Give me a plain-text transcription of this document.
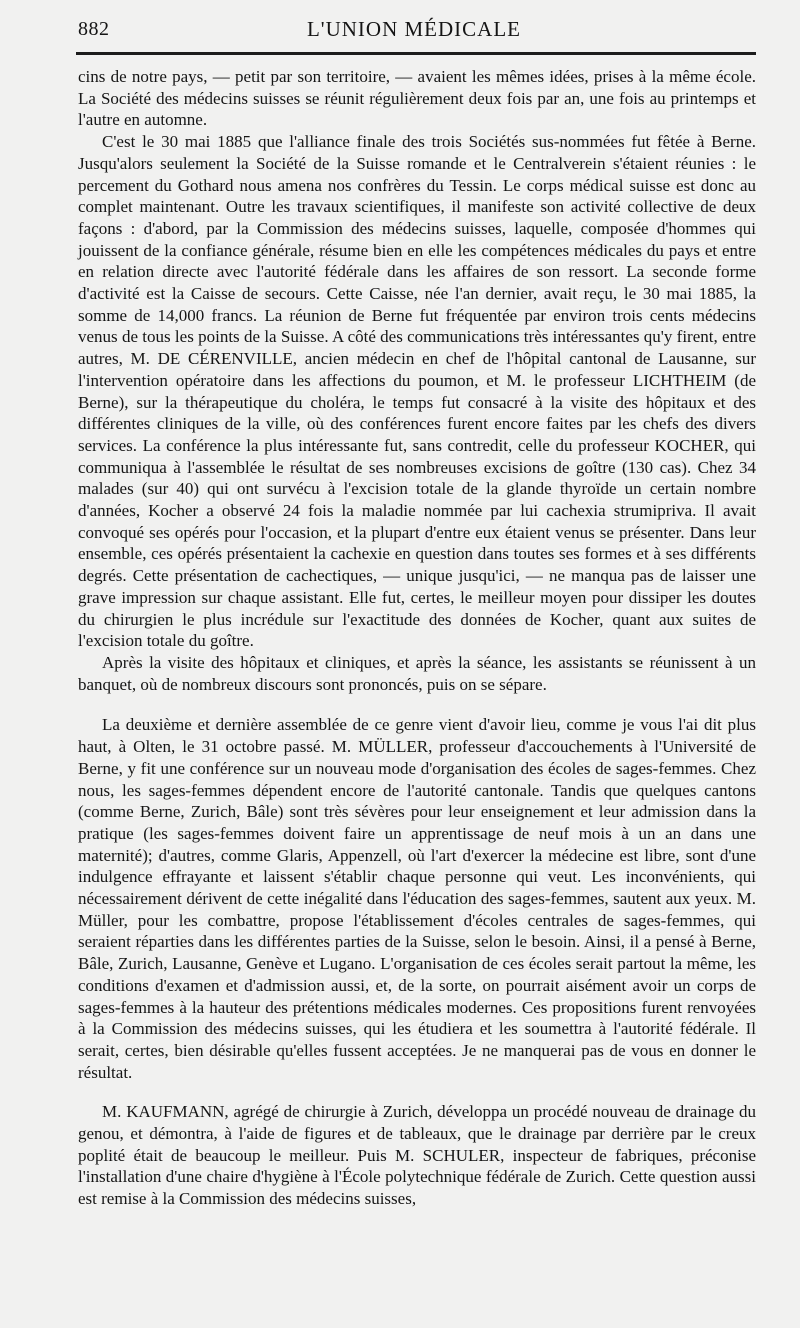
882	L'UNION MÉDICALE

cins de notre pays, — petit par son territoire, — avaient les mêmes idées, prises à la même école. La Société des médecins suisses se réunit régulièrement deux fois par an, une fois au printemps et l'autre en automne.

C'est le 30 mai 1885 que l'alliance finale des trois Sociétés sus-nommées fut fêtée à Berne. Jusqu'alors seulement la Société de la Suisse romande et le Centralverein s'étaient réunies : le percement du Gothard nous amena nos confrères du Tessin. Le corps médical suisse est donc au complet maintenant. Outre les travaux scientifiques, il manifeste son activité collective de deux façons : d'abord, par la Commission des médecins suisses, laquelle, composée d'hommes qui jouissent de la confiance générale, résume bien en elle les compétences médicales du pays et entre en relation directe avec l'autorité fédérale dans les affaires de son ressort. La seconde forme d'activité est la Caisse de secours. Cette Caisse, née l'an dernier, avait reçu, le 30 mai 1885, la somme de 14,000 francs. La réunion de Berne fut fréquentée par environ trois cents médecins venus de tous les points de la Suisse. A côté des communications très intéressantes qu'y firent, entre autres, M. DE CÉRENVILLE, ancien médecin en chef de l'hôpital cantonal de Lausanne, sur l'intervention opératoire dans les affections du poumon, et M. le professeur LICHTHEIM (de Berne), sur la thérapeutique du choléra, le temps fut consacré à la visite des hôpitaux et des différentes cliniques de la ville, où des conférences furent encore faites par les chefs des divers services. La conférence la plus intéressante fut, sans contredit, celle du professeur KOCHER, qui communiqua à l'assemblée le résultat de ses nombreuses excisions de goître (130 cas). Chez 34 malades (sur 40) qui ont survécu à l'excision totale de la glande thyroïde un certain nombre d'années, Kocher a observé 24 fois la maladie nommée par lui cachexia strumipriva. Il avait convoqué ses opérés pour l'occasion, et la plupart d'entre eux étaient venus se présenter. Dans leur ensemble, ces opérés présentaient la cachexie en question dans toutes ses formes et à ses différents degrés. Cette présentation de cachectiques, — unique jusqu'ici, — ne manqua pas de laisser une grave impression sur chaque assistant. Elle fut, certes, le meilleur moyen pour dissiper les doutes du chirurgien le plus incrédule sur l'exactitude des données de Kocher, quant aux suites de l'excision totale du goître.

Après la visite des hôpitaux et cliniques, et après la séance, les assistants se réunissent à un banquet, où de nombreux discours sont prononcés, puis on se sépare.

La deuxième et dernière assemblée de ce genre vient d'avoir lieu, comme je vous l'ai dit plus haut, à Olten, le 31 octobre passé. M. MÜLLER, professeur d'accouchements à l'Université de Berne, y fit une conférence sur un nouveau mode d'organisation des écoles de sages-femmes. Chez nous, les sages-femmes dépendent encore de l'autorité cantonale. Tandis que quelques cantons (comme Berne, Zurich, Bâle) sont très sévères pour leur enseignement et leur admission dans la pratique (les sages-femmes doivent faire un apprentissage de neuf mois à un an dans une maternité); d'autres, comme Glaris, Appenzell, où l'art d'exercer la médecine est libre, sont d'une indulgence effrayante et laissent s'établir chaque personne qui veut. Les inconvénients, qui nécessairement dérivent de cette inégalité dans l'éducation des sages-femmes, sautent aux yeux. M. Müller, pour les combattre, propose l'établissement d'écoles centrales de sages-femmes, qui seraient réparties dans les différentes parties de la Suisse, selon le besoin. Ainsi, il a pensé à Berne, Bâle, Zurich, Lausanne, Genève et Lugano. L'organisation de ces écoles serait partout la même, les conditions d'examen et d'admission aussi, et, de la sorte, on pourrait aisément avoir un corps de sages-femmes à la hauteur des prétentions médicales modernes. Ces propositions furent renvoyées à la Commission des médecins suisses, qui les étudiera et les soumettra à l'autorité fédérale. Il serait, certes, bien désirable qu'elles fussent acceptées. Je ne manquerai pas de vous en donner le résultat.

M. KAUFMANN, agrégé de chirurgie à Zurich, développa un procédé nouveau de drainage du genou, et démontra, à l'aide de figures et de tableaux, que le drainage par derrière par le creux poplité était de beaucoup le meilleur. Puis M. SCHULER, inspecteur de fabriques, préconise l'installation d'une chaire d'hygiène à l'École polytechnique fédérale de Zurich. Cette question aussi est remise à la Commission des médecins suisses,
